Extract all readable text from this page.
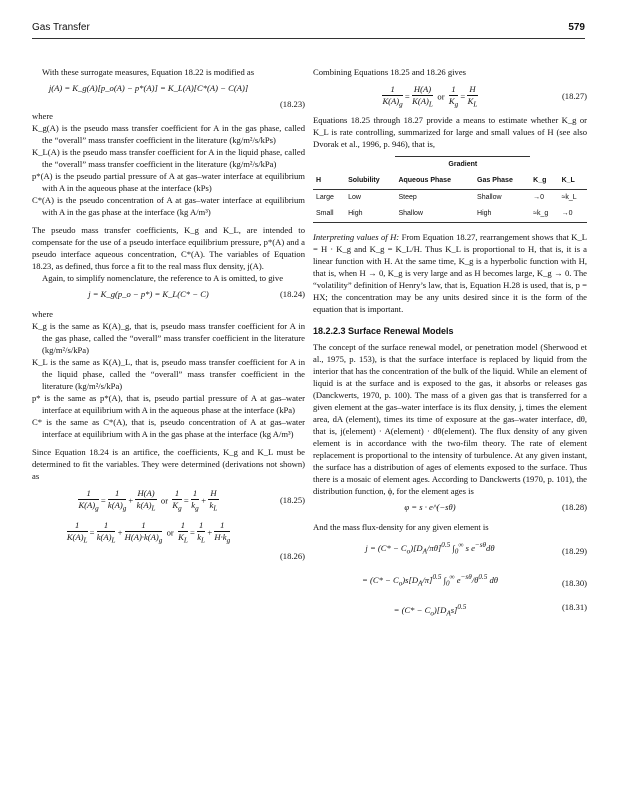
Gas Transfer	579

With these surrogate measures, Equation 18.22 is modified as

j(A) = K_g(A)[p_o(A) − p*(A)] = K_L(A)[C*(A) − C(A)]
(18.23)

where

K_g(A) is the pseudo mass transfer coefficient for A in the gas phase, called the “overall” mass transfer coefficient in the literature (kg/m²/s/kPs)

K_L(A) is the pseudo mass transfer coefficient for A in the liquid phase, called the “overall” mass transfer coefficient in the literature (kg/m²/s/kPa)

p*(A) is the pseudo partial pressure of A at gas–water interface at equilibrium with A in the aqueous phase at the interface (kPs)

C*(A) is the pseudo concentration of A at gas–water interface at equilibrium with A in the gas phase at the interface (kg A/m³)

The pseudo mass transfer coefficients, K_g and K_L, are intended to compensate for the use of a pseudo interface equilibrium pressure, p*(A) and a pseudo interface aqueous concentration, C*(A). The variables of Equation 18.23, as defined, thus force a fit to the real mass flux density, j(A).

Again, to simplify nomenclature, the reference to A is omitted, to give

j = K_g(p_o − p*) = K_L(C* − C)	(18.24)

where

K_g is the same as K(A)_g, that is, pseudo mass transfer coefficient for A in the gas phase, called the “overall” mass transfer coefficient in the literature (kg/m²/s/kPa)

K_L is the same as K(A)_L, that is, pseudo mass transfer coefficient for A in the liquid phase, called the “overall” mass transfer coefficient in the literature (kg/m²/s/kPa)

p* is the same as p*(A), that is, pseudo partial pressure of A at gas–water interface at equilibrium with A in the aqueous phase at the interface (kPa)

C* is the same as C*(A), that is, pseudo concentration of A at gas–water interface at equilibrium with A in the gas phase at the interface (kg A/m³)

Since Equation 18.24 is an artifice, the coefficients, K_g and K_L must be determined to fit the variables. They were determined (derivations not shown) as

$\frac{1}{K(A)_g} = \frac{1}{k(A)_g} + \frac{H(A)}{k(A)_L}$ or $\frac{1}{K_g} = \frac{1}{k_g} + \frac{H}{k_L}$	(18.25)
$\frac{1}{K(A)_L} = \frac{1}{k(A)_L} + \frac{1}{H(A)\cdot k(A)_g}$ or $\frac{1}{K_L} = \frac{1}{k_L} + \frac{1}{H\cdot k_g}$
(18.26)

Combining Equations 18.25 and 18.26 gives

$\frac{1}{K(A)_g} = \frac{H(A)}{K(A)_L}$ or $\frac{1}{K_g} = \frac{H}{K_L}$	(18.27)

Equations 18.25 through 18.27 provide a means to estimate whether K_g or K_L is rate controlling, summarized for large and small values of H (see also Dvorak et al., 1996, p. 946), that is,

		Gradient			
H	Solubility	Aqueous Phase	Gas Phase	K_g	K_L
Large	Low	Steep	Shallow	→0	≈k_L
Small	High	Shallow	High	≈k_g	→0

Interpreting values of H: From Equation 18.27, rearrangement shows that K_L = H · K_g and K_g = K_L/H. Thus K_L is proportional to H, that is, it is a linear function with H. At the same time, K_g is a hyperbolic function with H, that is, when H → 0, K_g is very large and as H becomes large, K_g → 0. The “volatility” definition of Henry’s law, that is, Equation H.28 is used, that is, p = HX; the concentration may be any units desired since it is the form of the equation that is important.

18.2.2.3 Surface Renewal Models

The concept of the surface renewal model, or penetration model (Sherwood et al., 1975, p. 153), is that the surface interface is replaced by liquid from the interior that has the concentration of the bulk of the liquid. While an element of liquid is at the surface and is exposed to the gas, it absorbs or releases gas (Danckwerts, 1970, p. 100). The mass of a given gas that is transferred for a given element at the gas–water interface is its flux density, j, times the element area, dA (element), times its time of exposure at the gas–water interface, dθ, that is, j(element) · A(element) · dθ(element). The flux density of any given element is in accordance with the two-film theory. The rate of element replacement is proportional to the intensity of turbulence. At any given instant, the surface has a distribution of ages of elements exposed to the surface. Thus there is a mosaic of element ages. According to Danckwerts (1970, p. 101), the distribution function, ϕ, for the element ages is

φ = s · e^(−sθ)	(18.28)

And the mass flux-density for any given element is

$j = (C* - C_o)[D_A/\pi\theta]^{0.5}$ $\int_0^\infty$ s $e^{-s\theta}d\theta$	(18.29)
= $(C* - C_o)s[D_A/\pi]^{0.5}$ $\int_0^\infty$ $e^{-s\theta}/\theta^{0.5}$ dθ	(18.30)
= $(C* - C_o)[D_As]^{0.5}$	(18.31)
